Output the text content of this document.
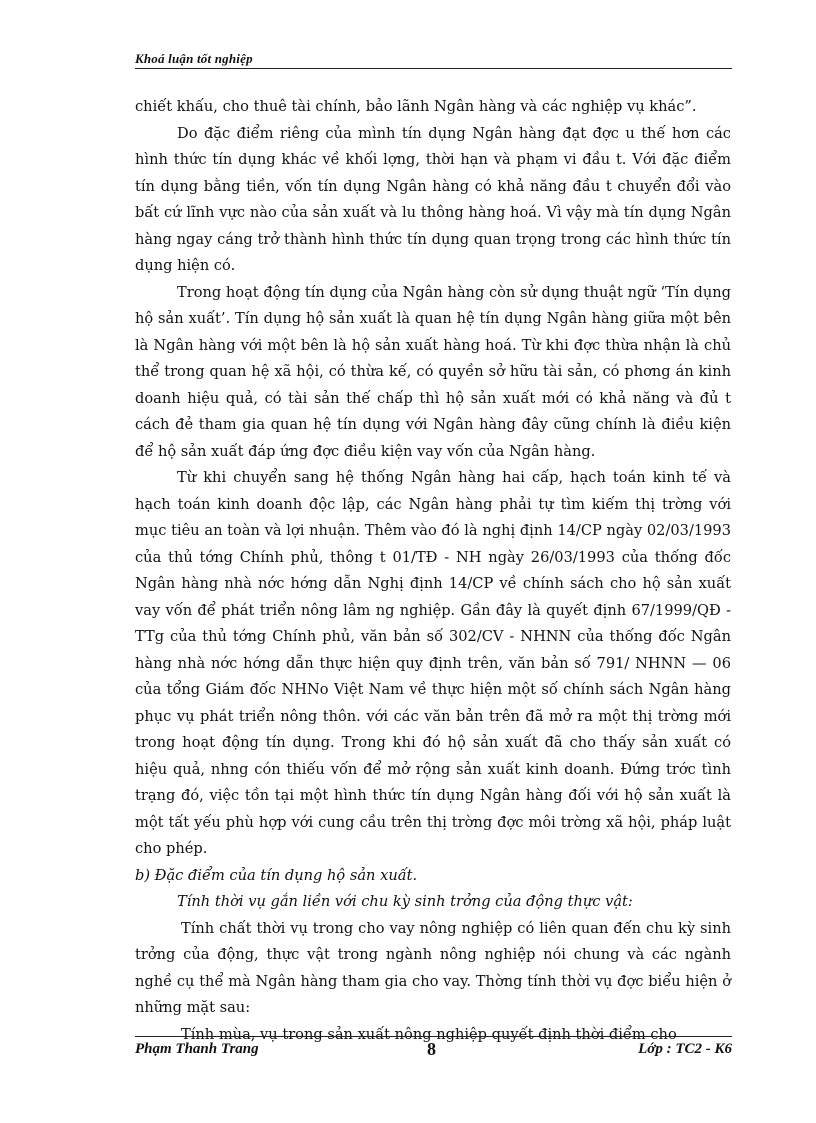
Khoá luận tốt nghiệp

chiết khấu, cho thuê tài chính, bảo lãnh Ngân hàng và các nghiệp vụ khác”.

Do đặc điểm riêng của mình tín dụng Ngân hàng đạt đợc u thế hơn các hình thức tín dụng khác về khối lợng, thời hạn và phạm vi đầu t. Với đặc điểm tín dụng bằng tiền, vốn tín dụng Ngân hàng có khả năng đầu t chuyển đổi vào bất cứ lĩnh vực nào của sản xuất và lu thông hàng hoá. Vì vậy mà tín dụng Ngân hàng ngay cáng trở thành hình thức tín dụng quan trọng trong các hình thức tín dụng hiện có.

Trong hoạt động tín dụng của Ngân hàng còn sử dụng thuật ngữ ‘Tín dụng hộ sản xuất’. Tín dụng hộ sản xuất là quan hệ tín dụng Ngân hàng giữa một bên là Ngân hàng với một bên là hộ sản xuất hàng hoá. Từ khi đợc thừa nhận là chủ thể trong quan hệ xã hội, có thừa kế, có quyền sở hữu tài sản, có phơng án kinh doanh hiệu quả, có tài sản thế chấp thì hộ sản xuất mới có khả năng và đủ t cách đẻ tham gia quan hệ tín dụng với Ngân hàng đây cũng chính là điều kiện để hộ sản xuất đáp ứng đợc điều kiện vay vốn của Ngân hàng.

Từ khi chuyển sang hệ thống Ngân hàng hai cấp, hạch toán kinh tế và hạch toán kinh doanh độc lập, các Ngân hàng phải tự tìm kiếm thị trờng với mục tiêu an toàn và lợi nhuận. Thêm vào đó là nghị định 14/CP ngày 02/03/1993 của thủ tớng Chính phủ, thông t 01/TĐ - NH ngày 26/03/1993 của thống đốc Ngân hàng nhà nớc hớng dẫn Nghị định 14/CP về chính sách cho hộ sản xuất vay vốn để phát triển nông lâm ng nghiệp. Gần đây là quyết định 67/1999/QĐ - TTg của thủ tớng Chính phủ, văn bản số 302/CV - NHNN của thống đốc Ngân hàng nhà nớc hớng dẫn thực hiện quy định trên, văn bản số 791/ NHNN — 06 của tổng Giám đốc NHNo Việt Nam về thực hiện một số chính sách Ngân hàng phục vụ phát triển nông thôn. với các văn bản trên đã mở ra một thị trờng mới trong hoạt động tín dụng. Trong khi đó hộ sản xuất đã cho thấy sản xuất có hiệu quả, nhng cón thiếu vốn để mở rộng sản xuất kinh doanh. Đứng trớc tình trạng đó, việc tồn tại một hình thức tín dụng Ngân hàng đối với hộ sản xuất là một tất yếu phù hợp với cung cầu trên thị trờng đợc môi trờng xã hội, pháp luật cho phép.

b) Đặc điểm của tín dụng hộ sản xuất.

Tính thời vụ gắn liền với chu kỳ sinh trởng của động thực vật:

Tính chất thời vụ trong cho vay nông nghiệp có liên quan đến chu kỳ sinh trởng của động, thực vật trong ngành nông nghiệp nói chung và các ngành nghề cụ thể mà Ngân hàng tham gia cho vay. Thờng tính thời vụ đợc biểu hiện ở những mặt sau:

Tính mùa, vụ trong sản xuất nông nghiệp quyết định thời điểm cho

Phạm Thanh Trang	8	Lớp : TC2 - K6
